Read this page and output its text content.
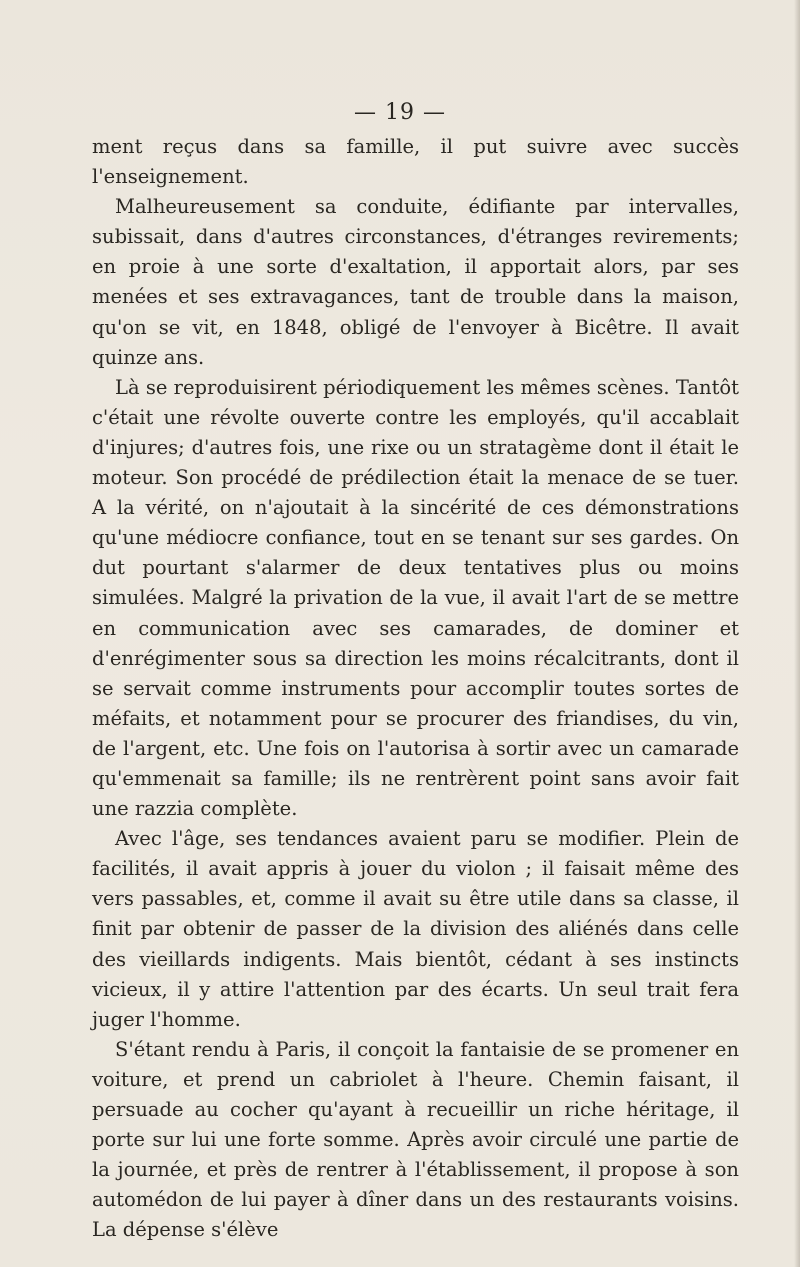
— 19 —

ment reçus dans sa famille, il put suivre avec succès l'enseignement.

Malheureusement sa conduite, édifiante par intervalles, subissait, dans d'autres circonstances, d'étranges revirements; en proie à une sorte d'exaltation, il apportait alors, par ses menées et ses extravagances, tant de trouble dans la maison, qu'on se vit, en 1848, obligé de l'envoyer à Bicêtre. Il avait quinze ans.

Là se reproduisirent périodiquement les mêmes scènes. Tantôt c'était une révolte ouverte contre les employés, qu'il accablait d'injures; d'autres fois, une rixe ou un stratagème dont il était le moteur. Son procédé de prédilection était la menace de se tuer. A la vérité, on n'ajoutait à la sincérité de ces démonstrations qu'une médiocre confiance, tout en se tenant sur ses gardes. On dut pourtant s'alarmer de deux tentatives plus ou moins simulées. Malgré la privation de la vue, il avait l'art de se mettre en communication avec ses camarades, de dominer et d'enrégimenter sous sa direction les moins récalcitrants, dont il se servait comme instruments pour accomplir toutes sortes de méfaits, et notamment pour se procurer des friandises, du vin, de l'argent, etc. Une fois on l'autorisa à sortir avec un camarade qu'emmenait sa famille; ils ne rentrèrent point sans avoir fait une razzia complète.

Avec l'âge, ses tendances avaient paru se modifier. Plein de facilités, il avait appris à jouer du violon ; il faisait même des vers passables, et, comme il avait su être utile dans sa classe, il finit par obtenir de passer de la division des aliénés dans celle des vieillards indigents. Mais bientôt, cédant à ses instincts vicieux, il y attire l'attention par des écarts. Un seul trait fera juger l'homme.

S'étant rendu à Paris, il conçoit la fantaisie de se promener en voiture, et prend un cabriolet à l'heure. Chemin faisant, il persuade au cocher qu'ayant à recueillir un riche héritage, il porte sur lui une forte somme. Après avoir circulé une partie de la journée, et près de rentrer à l'établissement, il propose à son automédon de lui payer à dîner dans un des restaurants voisins. La dépense s'élève
